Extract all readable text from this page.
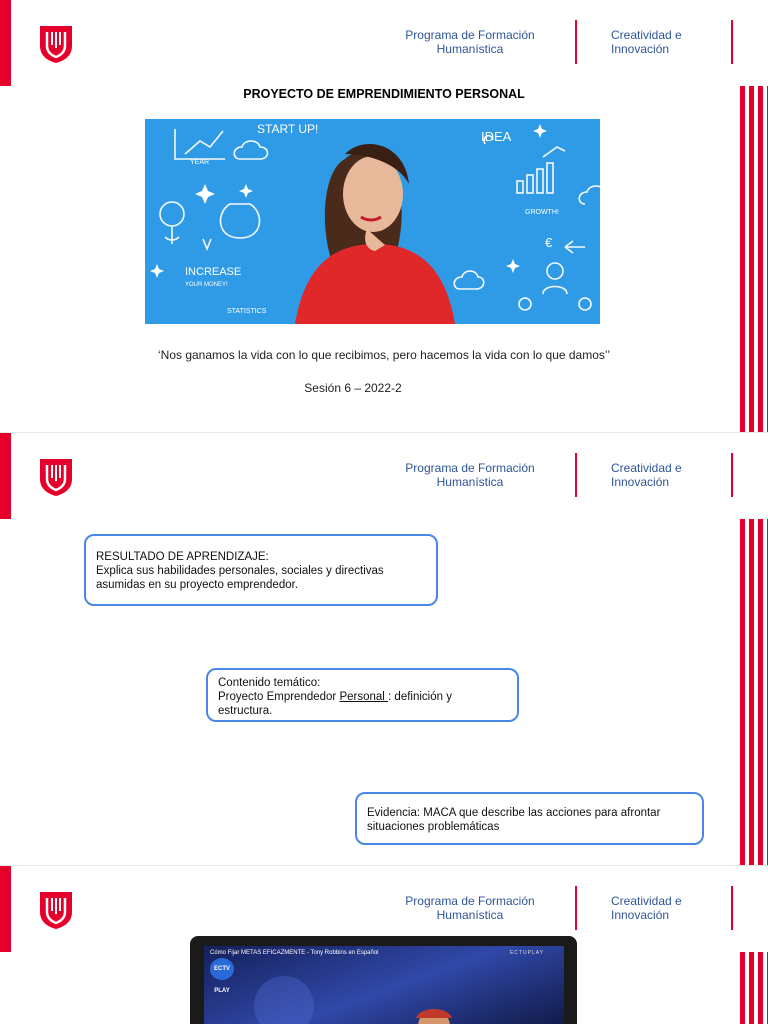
Programa de Formación
Humanística
Creatividad e
Innovación
PROYECTO DE EMPRENDIMIENTO PERSONAL
START UP!	IDEA
GROWTH!
YEAR
INCREASE
YOUR MONEY!
STATISTICS
€
‘Nos ganamos la vida con lo que recibimos, pero hacemos la vida con lo que damos’’
Sesión 6 – 2022-2
Programa de Formación
Humanística
Creatividad e
Innovación
RESULTADO DE APRENDIZAJE:
Explica sus habilidades personales, sociales y directivas
asumidas en su proyecto emprendedor.
Contenido temático:
Proyecto Emprendedor Personal : definición y
estructura.
Evidencia: MACA que describe las acciones para afrontar
situaciones problemáticas
Programa de Formación
Humanística
Creatividad e
Innovación
Cómo Fijar METAS EFICAZMENTE - Tony Robbins en Español	ECTUPLAY
ECTV PLAY
